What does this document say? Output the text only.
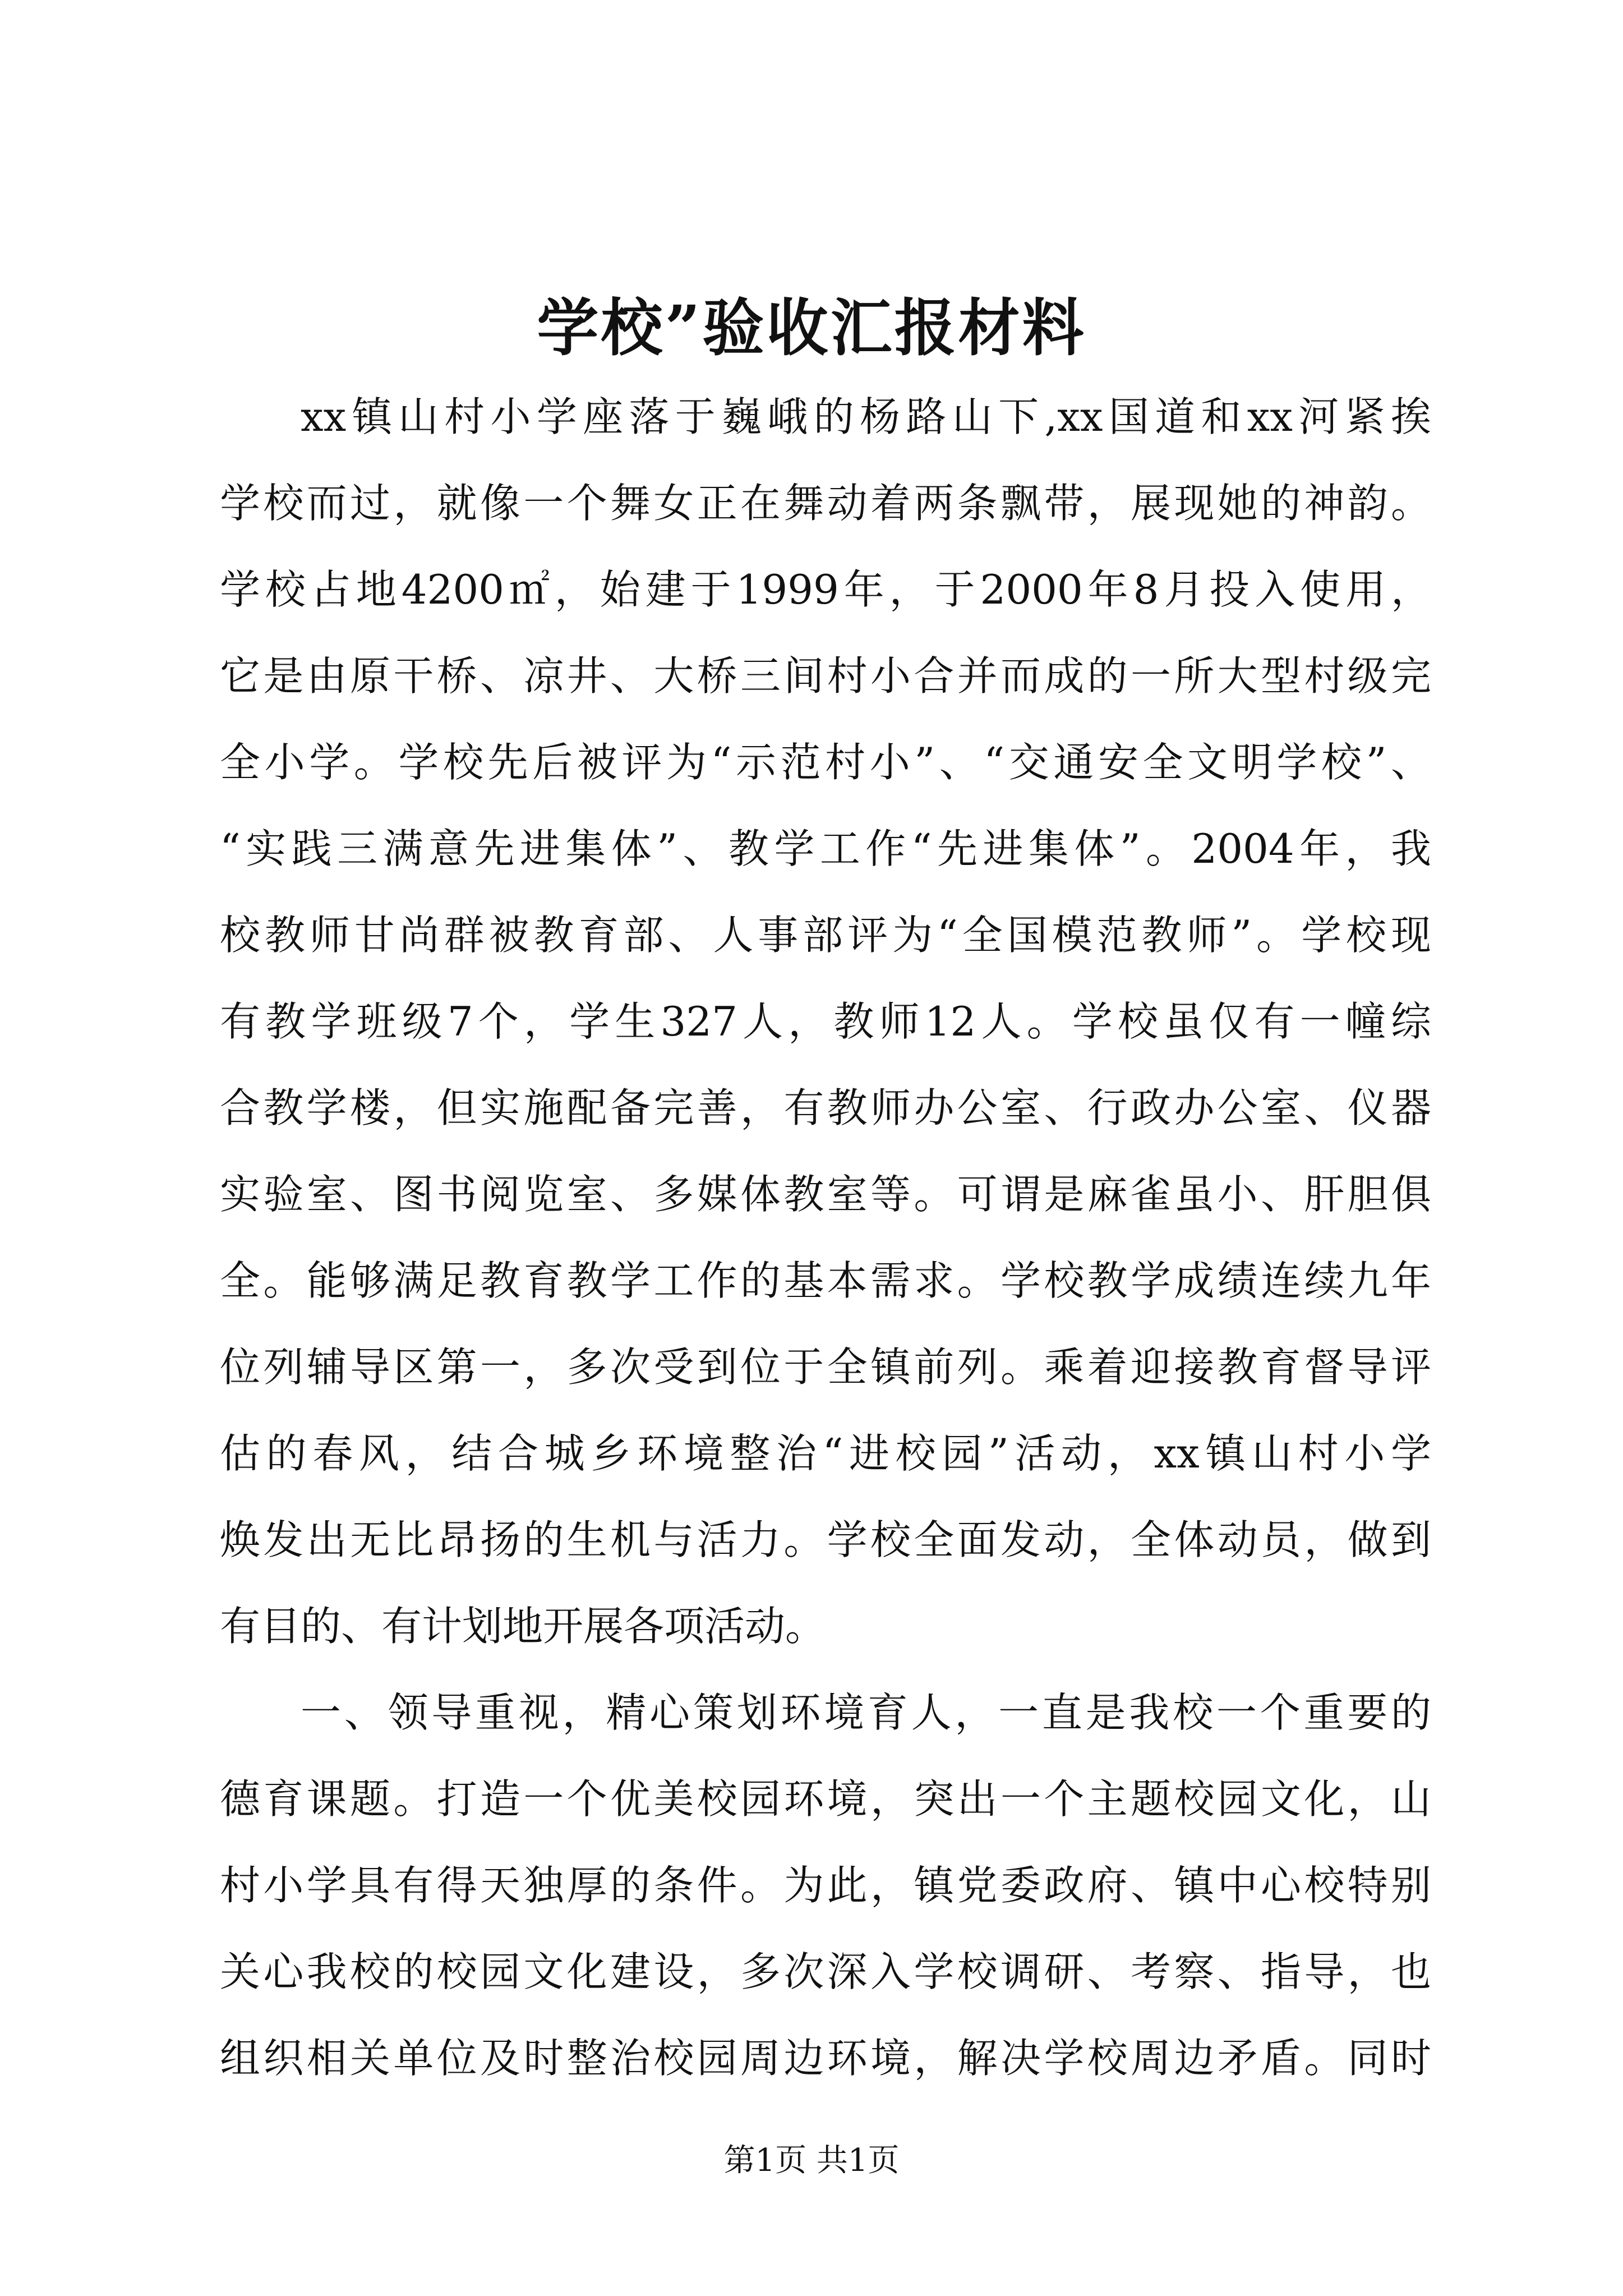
学校”验收汇报材料

xx镇山村小学座落于巍峨的杨路山下,xx国道和xx河紧挨

学校而过，就像一个舞女正在舞动着两条飘带，展现她的神韵。

学校占地4200㎡，始建于1999年，于2000年8月投入使用，

它是由原干桥、凉井、大桥三间村小合并而成的一所大型村级完

全小学。学校先后被评为“示范村小”、“交通安全文明学校”、

“实践三满意先进集体”、教学工作“先进集体”。2004年，我

校教师甘尚群被教育部、人事部评为“全国模范教师”。学校现

有教学班级7个，学生327人，教师12人。学校虽仅有一幢综

合教学楼，但实施配备完善，有教师办公室、行政办公室、仪器

实验室、图书阅览室、多媒体教室等。可谓是麻雀虽小、肝胆俱

全。能够满足教育教学工作的基本需求。学校教学成绩连续九年

位列辅导区第一，多次受到位于全镇前列。乘着迎接教育督导评

估的春风，结合城乡环境整治“进校园”活动，xx镇山村小学

焕发出无比昂扬的生机与活力。学校全面发动，全体动员，做到

有目的、有计划地开展各项活动。

一、领导重视，精心策划环境育人，一直是我校一个重要的

德育课题。打造一个优美校园环境，突出一个主题校园文化，山

村小学具有得天独厚的条件。为此，镇党委政府、镇中心校特别

关心我校的校园文化建设，多次深入学校调研、考察、指导，也

组织相关单位及时整治校园周边环境，解决学校周边矛盾。同时

第1页 共1页
